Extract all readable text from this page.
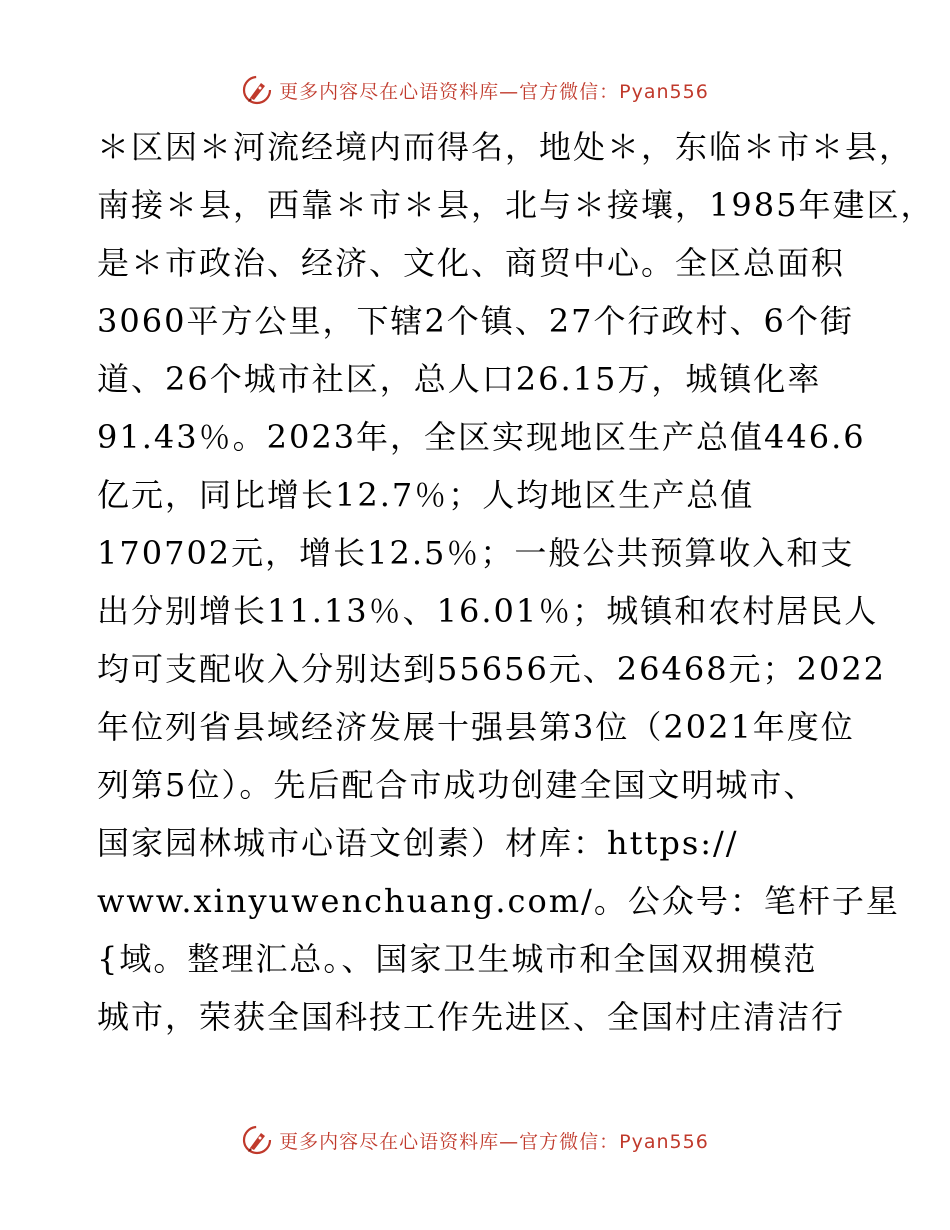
更多内容尽在心语资料库—官方微信：Pyan556
＊区因＊河流经境内而得名，地处＊，东临＊市＊县，
南接＊县，西靠＊市＊县，北与＊接壤，1985年建区，
是＊市政治、经济、文化、商贸中心。全区总面积
3060平方公里，下辖2个镇、27个行政村、6个街
道、26个城市社区，总人口26.15万，城镇化率
91.43％。2023年，全区实现地区生产总值446.6
亿元，同比增长12.7％；人均地区生产总值
170702元，增长12.5％；一般公共预算收入和支
出分别增长11.13％、16.01％；城镇和农村居民人
均可支配收入分别达到55656元、26468元；2022
年位列省县域经济发展十强县第3位（2021年度位
列第5位）。先后配合市成功创建全国文明城市、
国家园林城市心语文创素）材库：https://
www.xinyuwenchuang.com/。公众号：笔杆子星
{域。整理汇总。、国家卫生城市和全国双拥模范
城市，荣获全国科技工作先进区、全国村庄清洁行
更多内容尽在心语资料库—官方微信：Pyan556
